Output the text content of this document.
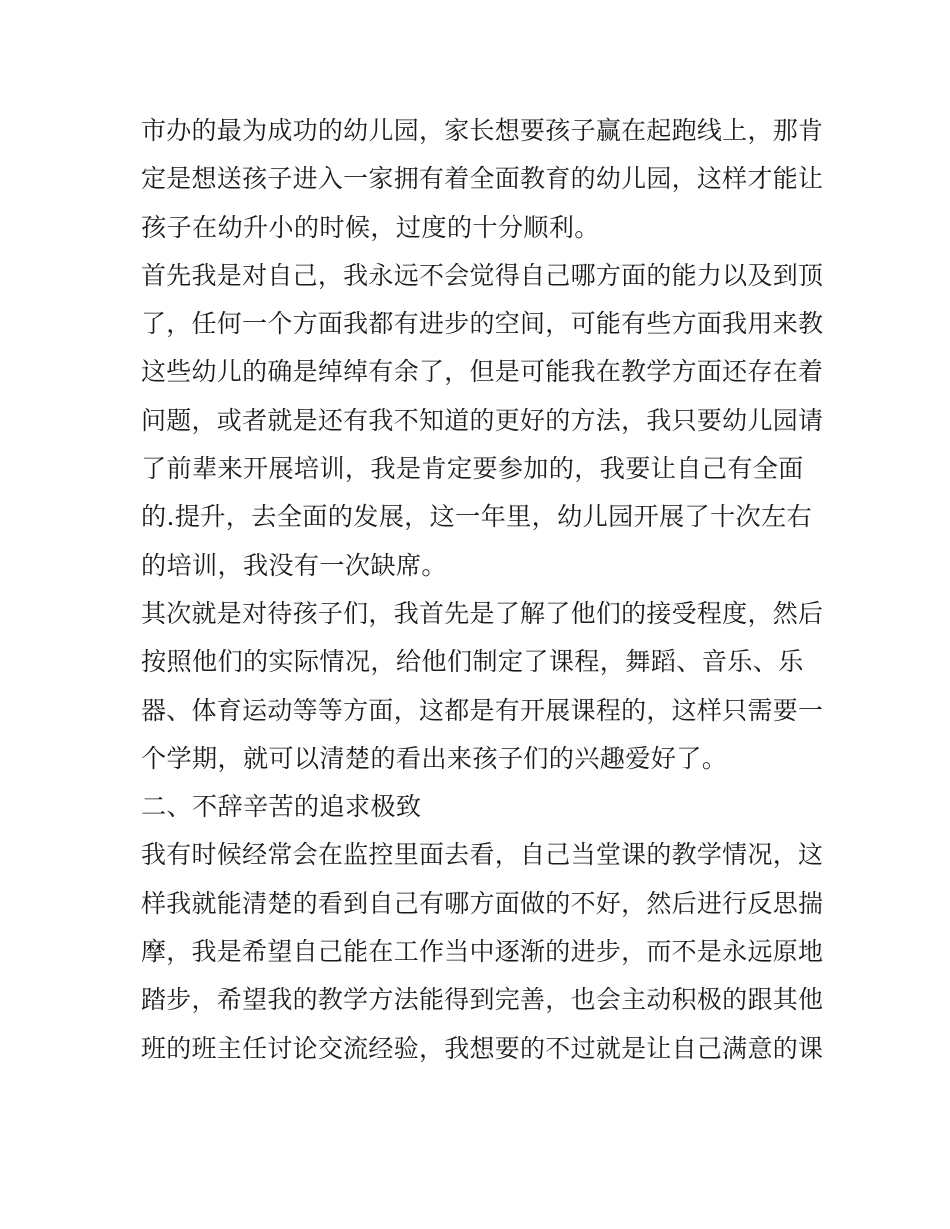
市办的最为成功的幼儿园，家长想要孩子赢在起跑线上，那肯
定是想送孩子进入一家拥有着全面教育的幼儿园，这样才能让
孩子在幼升小的时候，过度的十分顺利。
首先我是对自己，我永远不会觉得自己哪方面的能力以及到顶
了，任何一个方面我都有进步的空间，可能有些方面我用来教
这些幼儿的确是绰绰有余了，但是可能我在教学方面还存在着
问题，或者就是还有我不知道的更好的方法，我只要幼儿园请
了前辈来开展培训，我是肯定要参加的，我要让自己有全面
的.提升，去全面的发展，这一年里，幼儿园开展了十次左右
的培训，我没有一次缺席。
其次就是对待孩子们，我首先是了解了他们的接受程度，然后
按照他们的实际情况，给他们制定了课程，舞蹈、音乐、乐
器、体育运动等等方面，这都是有开展课程的，这样只需要一
个学期，就可以清楚的看出来孩子们的兴趣爱好了。
二、不辞辛苦的追求极致
我有时候经常会在监控里面去看，自己当堂课的教学情况，这
样我就能清楚的看到自己有哪方面做的不好，然后进行反思揣
摩，我是希望自己能在工作当中逐渐的进步，而不是永远原地
踏步，希望我的教学方法能得到完善，也会主动积极的跟其他
班的班主任讨论交流经验，我想要的不过就是让自己满意的课
